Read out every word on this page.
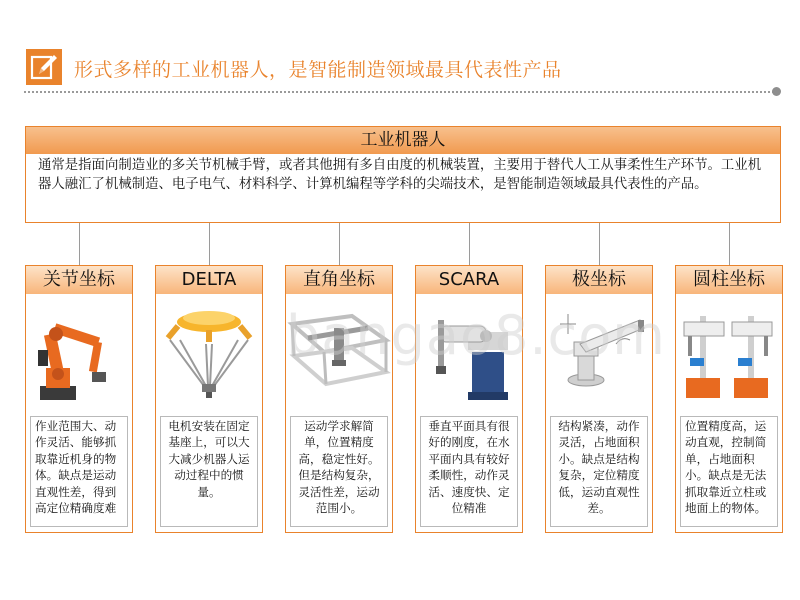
形式多样的工业机器人，是智能制造领域最具代表性产品
工业机器人
通常是指面向制造业的多关节机械手臂，或者其他拥有多自由度的机械装置，主要用于替代人工从事柔性生产环节。工业机器人融汇了机械制造、电子电气、材料科学、计算机编程等学科的尖端技术，是智能制造领域最具代表性的产品。
关节坐标
作业范围大、动作灵活、能够抓取靠近机身的物体。缺点是运动直观性差，得到高定位精确度难
DELTA
电机安装在固定基座上，可以大大减少机器人运动过程中的惯量。
直角坐标
运动学求解简单，位置精度高，稳定性好。但是结构复杂，灵活性差，运动范围小。
SCARA
垂直平面具有很好的刚度，在水平面内具有较好柔顺性，动作灵活、速度快、定位精准
极坐标
结构紧凑，动作灵活，占地面积小。缺点是结构复杂，定位精度低，运动直观性差。
圆柱坐标
位置精度高，运动直观，控制简单，占地面积小。缺点是无法抓取靠近立柱或地面上的物体。
bangao8.com
